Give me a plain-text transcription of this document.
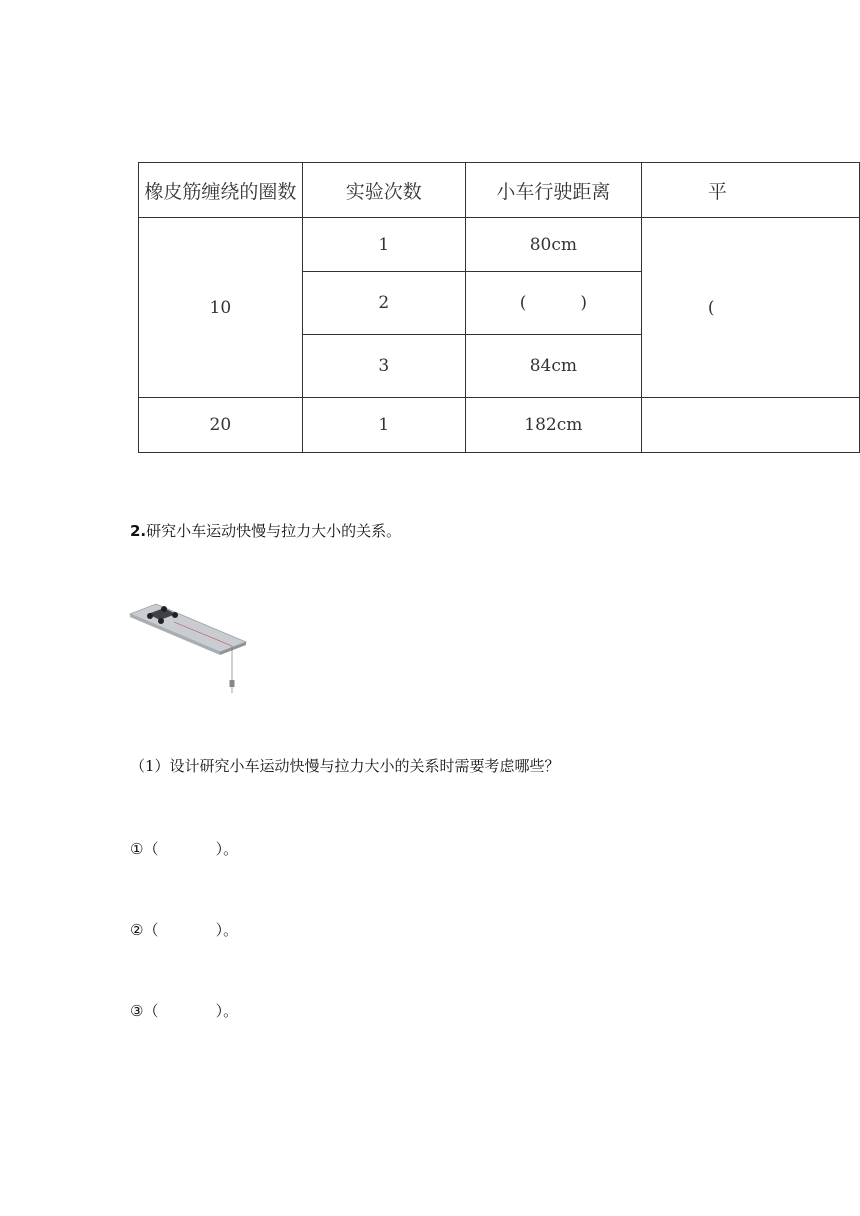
橡皮筋缠绕的圈数	实验次数	小车行驶距离	平
10	1	80cm	(
	2	(          )	
	3	84cm	
20	1	182cm	
2.研究小车运动快慢与拉力大小的关系。
（1）设计研究小车运动快慢与拉力大小的关系时需要考虑哪些？
①（            ）。
②（            ）。
③（            ）。
